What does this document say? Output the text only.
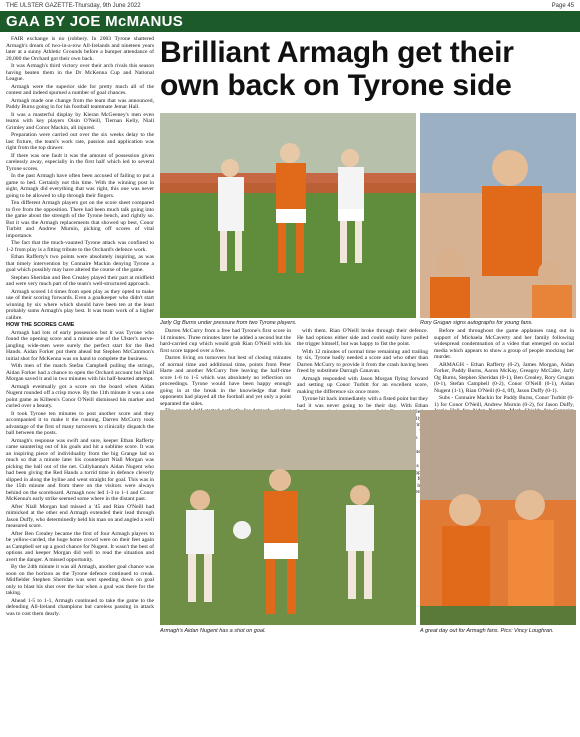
THE ULSTER GAZETTE-Thursday, 9th June 2022	Page 45
GAA BY JOE McMANUS

FAIR exchange is no (robbery. In 2003 Tyrone shattered Armagh's dream of two-in-a-row All-Irelands and nineteen years later at a sunny Athletic Grounds before a bumper attendance of 20,000 the Orchard got their own back.

It was Armagh's third victory over their arch rivals this season having beaten them in the Dr McKenna Cup and National League.

Armagh were the superior side for pretty much all of the contest and indeed spurned a number of goal chances.

Armagh made one change from the team that was announced, Paddy Burns going in for his football teammate Jemar Hall.

It was a masterful display by Kieran McGeeney's men even teams with key players Oisin O'Neill, Tiernan Kelly, Niall Grimley and Conor Mackin, all injured.

Preparation were carried out over the six weeks delay to the last fixture, the team's work rate, passion and application was right from the top drawer.

If there was one fault it was the amount of possession given carelessly away, especially in the first half which led to several Tyrone scores.

In the past Armagh have often been accused of failing to put a game to bed. Certainly not this time. With the winning post in sight, Armagh did everything that was right, this one was never going to be allowed to slip through their fingers.

Ten different Armagh players got on the score sheet compared to five from the opposition. There had been much talk going into the game about the strength of the Tyrone bench, and rightly so. But it was the Armagh replacements that showed up best, Conor Turbitt and Andrew Murnin, picking off scores of vital importance.

The fact that the much-vaunted Tyrone attack was confined to 1-2 from play is a fitting tribute to the Orchard's defence work.

Ethan Rafferty's two points were absolutely inspiring, as was that timely intervention by Connaire Mackin denying Tyrone a goal which possibly may have altered the course of the game.

Stephen Sheridan and Ben Crealey played their part at midfield and were very much part of the team's well-structured approach.

Armagh scored 14 times from open play as they opted to make use of their scoring forwards. Even a goalkeeper who didn't start winning by six where which should have been ten at the least probably sums Armagh's play best. It was team work of a higher calibre.

HOW THE SCORES CAME

Armagh had lots of early possession but it was Tyrone who found the opening score and a minute one of the Ulster's nerve-jangling wide-men were surely the perfect start for the Red Hands. Aidan Forker put them ahead but Stephen McCammon's initial shot for McKenna was on hand to complete the business.

With men of the match Stefan Campbell pulling the strings, Aidan Forker had a chance to open the Orchard account but Niall Morgan saved it and in two minutes with his half-hearted attempt.

Armagh eventually got a score on the board when Aidan Nugent rounded off a crisp move. By the 11th minute it was a one point game as Killeen's Conor O'Neill dismissed his marker and curled over a beauty.

It took Tyrone ten minutes to post another score and they accompanied it to make it the running. Darren McCurry took advantage of the first of many turnovers to clinically dispatch the ball between the posts.

Armagh's response was swift and sure, keeper Ethan Rafferty came sauntering out of his goals and hit a sublime score. It was an inspiring piece of individuality from the big Grange lad so much so that a minute later his counterpart Niall Morgan was picking the ball out of the net. Cullyhanna's Aidan Nugent who had been giving the Red Hands a torrid time in defence cleverly slipped in along the byline and went straight for goal. This was in the 15th minute and from there on the visitors were always behind on the scoreboard. Armagh now led 1-3 to 1-1 and Conor McKenna's early strike seemed some where in the distant past.

After Niall Morgan had missed a '45 and Rian O'Neill had mimicked at the other end Armagh extended their lead through Jason Duffy, who determinedly held his man on and angled a well measured score.

After Ben Crealey became the first of four Armagh players to be yellow-carded, the huge home crowd were on their feet again as Campbell set up a good chance for Nugent. It wasn't the best of options and keeper Morgan did well to read the situation and avert the danger. A missed opportunity.

By the 24th minute it was all Armagh, another goal chance was soon on the horizon as the Tyrone defence continued to creak. Midfielder Stephen Sheridan was sent speeding down on goal only to blast his shot over the bar when a goal was there for the taking.

Ahead 1-5 to 1-1, Armagh continued to take the game to the defending All-Ireland champions but careless passing in attack was to cost them dearly.

Brilliant Armagh get their own back on Tyrone side
Jarly Og Burns under pressure from two Tyrone players.	Rory Grugan signs autographs for young fans.

Darren McCurry from a free had Tyrone's first score in 14 minutes. Three minutes later he added a second but the hard-carried cup which would grab Rian O'Neill with his first score tapped over a free.

Darren living on turnovers but best of closing minutes of normal time and additional time, points from Peter Harte and another McCurry free leaving the half-time score 1-6 to 1-5 which was absolutely no reflection on proceedings. Tyrone would have been happy enough going in at the break in the knowledge that their opponents had played all the football and yet only a point separated the sides.

with them. Rian O'Neill broke through their defence. He had options either side and could easily have pulled the trigger himself, but was happy to fist the point.

With 12 minutes of normal time remaining and trailing by six, Tyrone badly needed a score and who other than Darren McCurry to provide it from the crash having been freed by substitute Darragh Canavan.

Armagh responded with Jason Morgan flying forward and setting up Conor Turbitt for an excellent score, making the difference six once more.

Tyrone hit back immediately with a fisted point but they had it was never going to be their day. With Ethan daringly

stopping

Before and throughout the game applauses rang out in support of Michaela McCaverty and her family following widespread condemnation of a video that emerged on social media which appears to show a group of people mocking her murder.

ARMAGH - Ethan Rafferty (0-2), James Morgan, Aidan Forker, Paddy Burns, Aaron McKay, Greagoy McCabe, Jarly Og Burns, Stephen Sheridan (0-1), Ben Crealey, Rory Grugan (0-1), Stefan Campbell (0-2), Conor O'Neill (0-1), Aidan Nugent (1-1), Rian O'Neill (0-4, 0f), Jason Duffy (0-1).

Subs - Connaire Mackin for Paddy Burns, Conor Turbitt (0-1) for Conor O'Neill, Andrew Murnin (0-2), for Jason Duffy,

Armagh's Aidan Nugent has a shot on goal.	A great day out for Armagh fans. Pics: Vincy Loughran.
